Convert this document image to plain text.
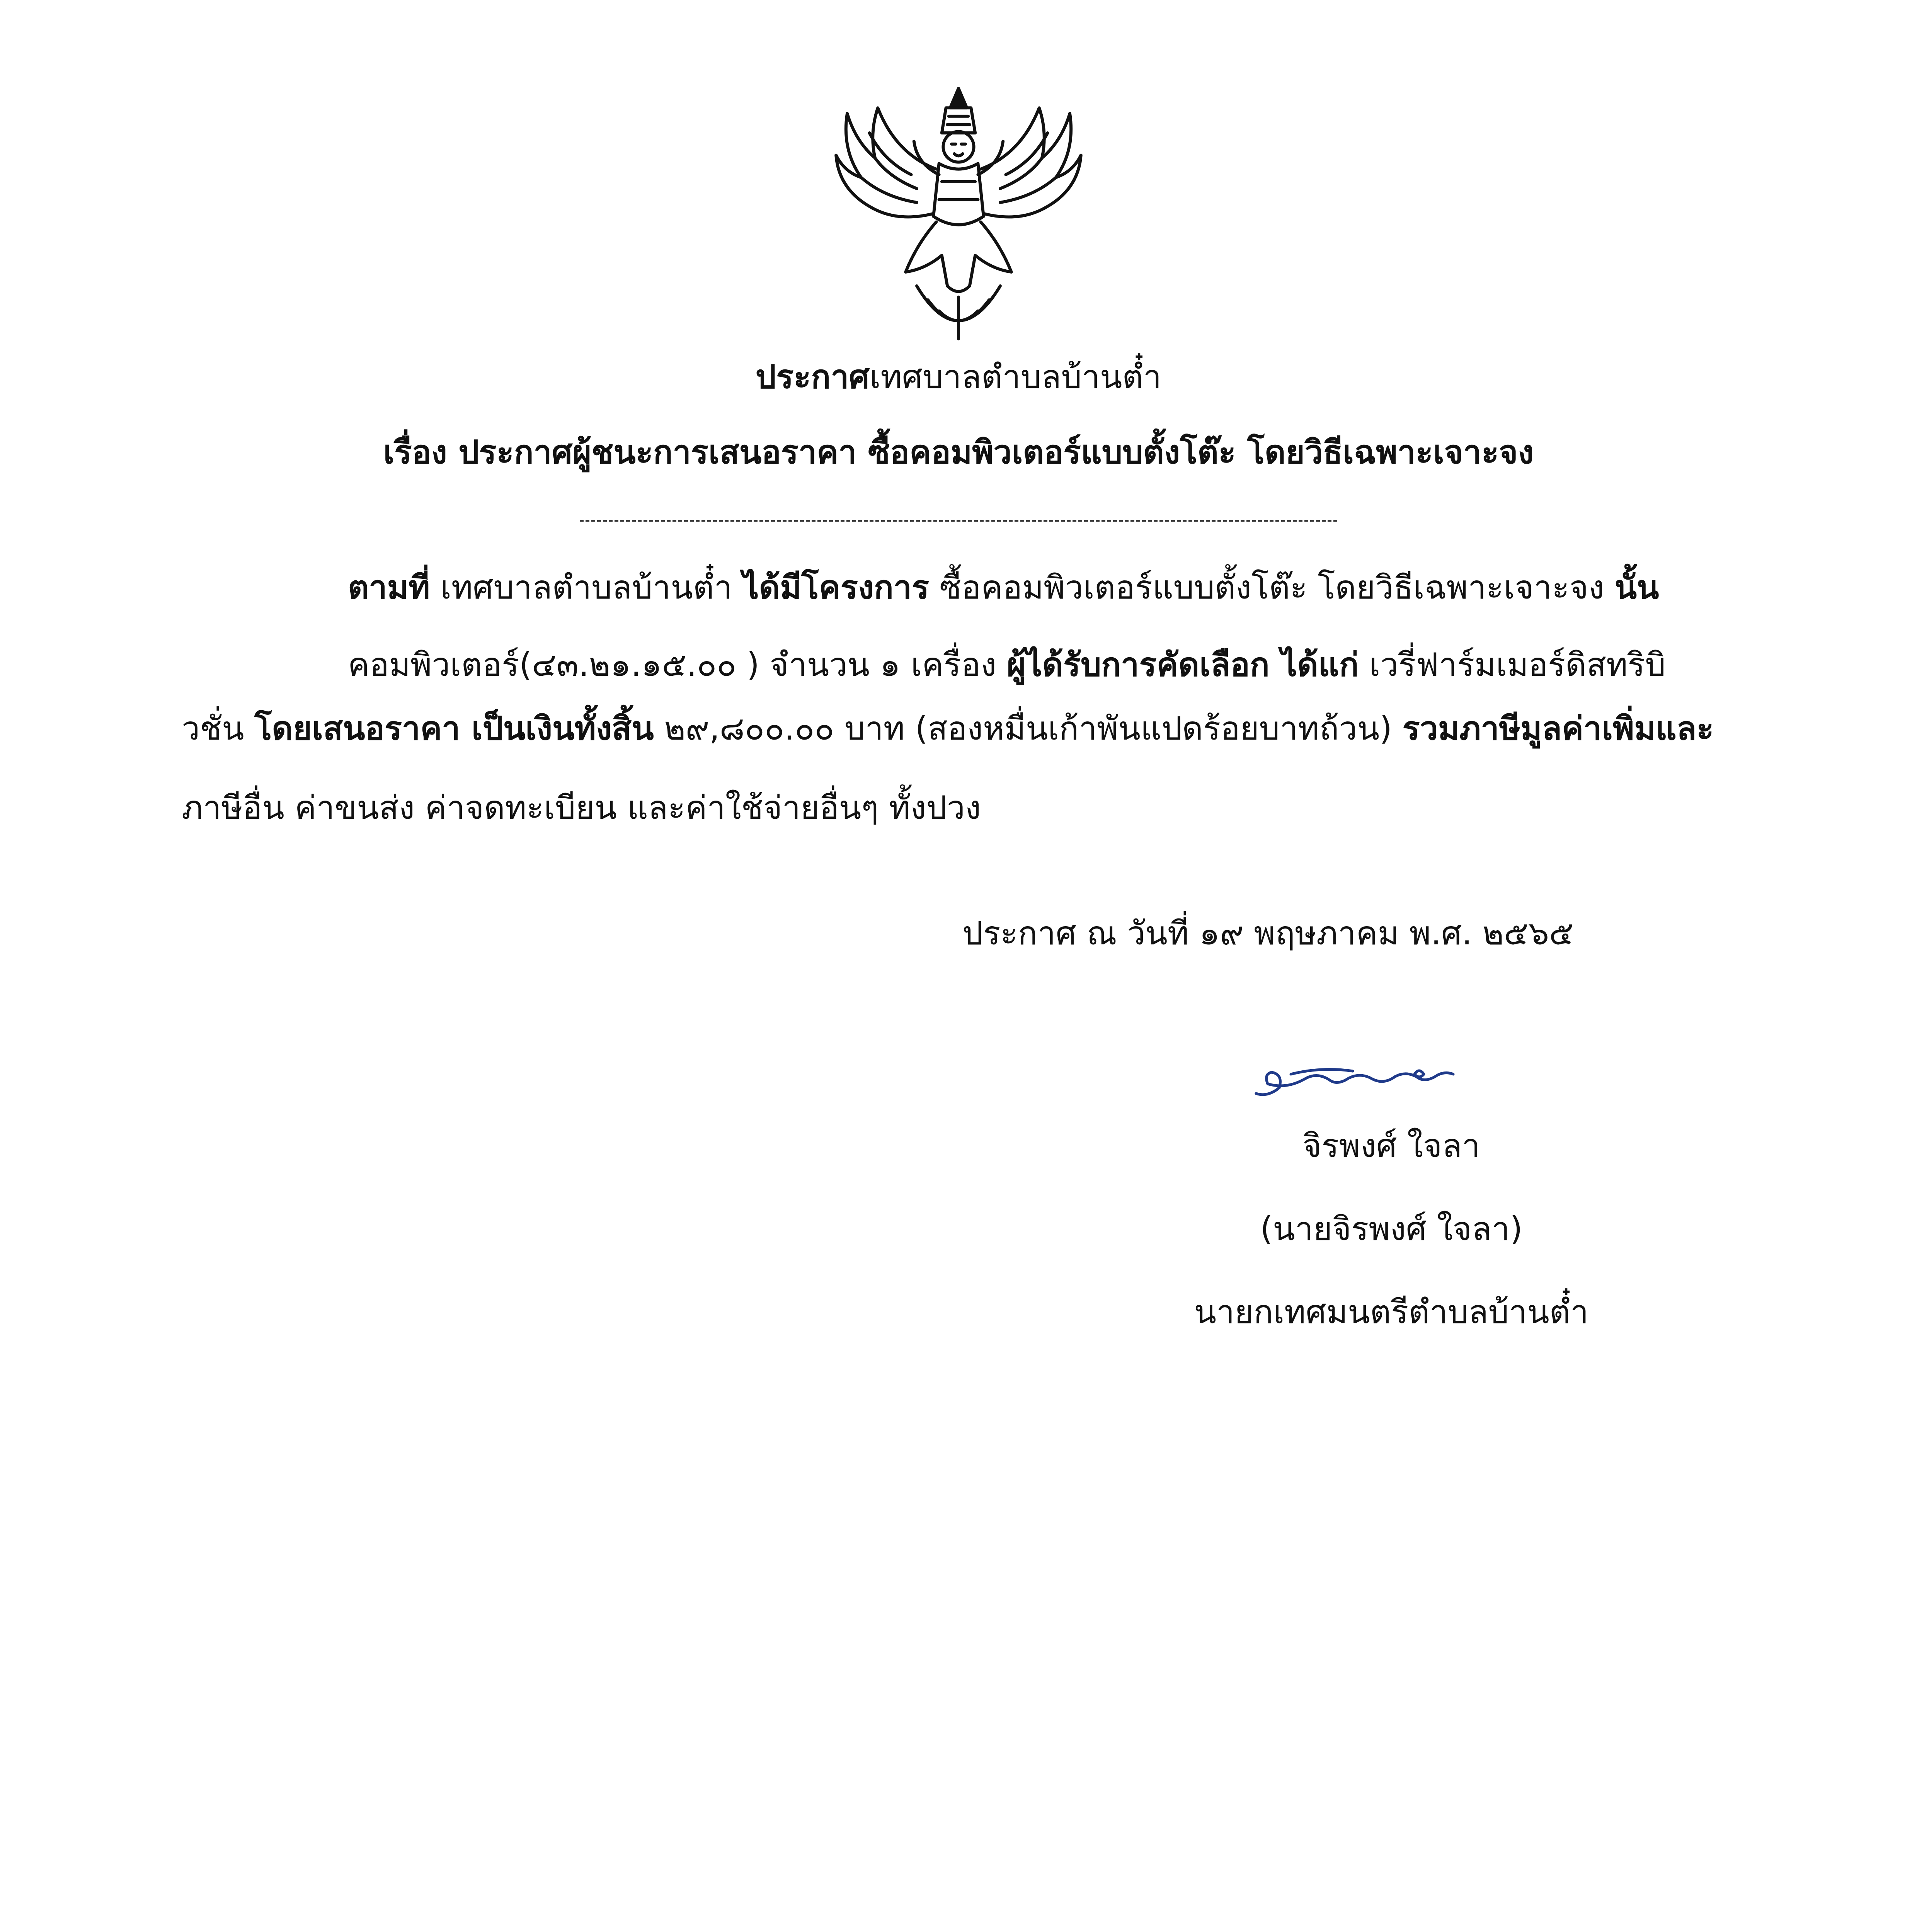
ประกาศเทศบาลตำบลบ้านต๋ำ

เรื่อง ประกาศผู้ชนะการเสนอราคา ซื้อคอมพิวเตอร์แบบตั้งโต๊ะ โดยวิธีเฉพาะเจาะจง

ตามที่ เทศบาลตำบลบ้านต๋ำ ได้มีโครงการ ซื้อคอมพิวเตอร์แบบตั้งโต๊ะ โดยวิธีเฉพาะเจาะจง นั้น

คอมพิวเตอร์(๔๓.๒๑.๑๕.๐๐ ) จำนวน ๑ เครื่อง ผู้ได้รับการคัดเลือก ได้แก่ เวรี่ฟาร์มเมอร์ดิสทริบิ

วชั่น โดยเสนอราคา เป็นเงินทั้งสิ้น ๒๙,๘๐๐.๐๐ บาท (สองหมื่นเก้าพันแปดร้อยบาทถ้วน) รวมภาษีมูลค่าเพิ่มและ

ภาษีอื่น ค่าขนส่ง ค่าจดทะเบียน และค่าใช้จ่ายอื่นๆ ทั้งปวง

ประกาศ ณ วันที่ ๑๙ พฤษภาคม พ.ศ. ๒๕๖๕

จิรพงศ์ ใจลา

(นายจิรพงศ์ ใจลา)

นายกเทศมนตรีตำบลบ้านต๋ำ
